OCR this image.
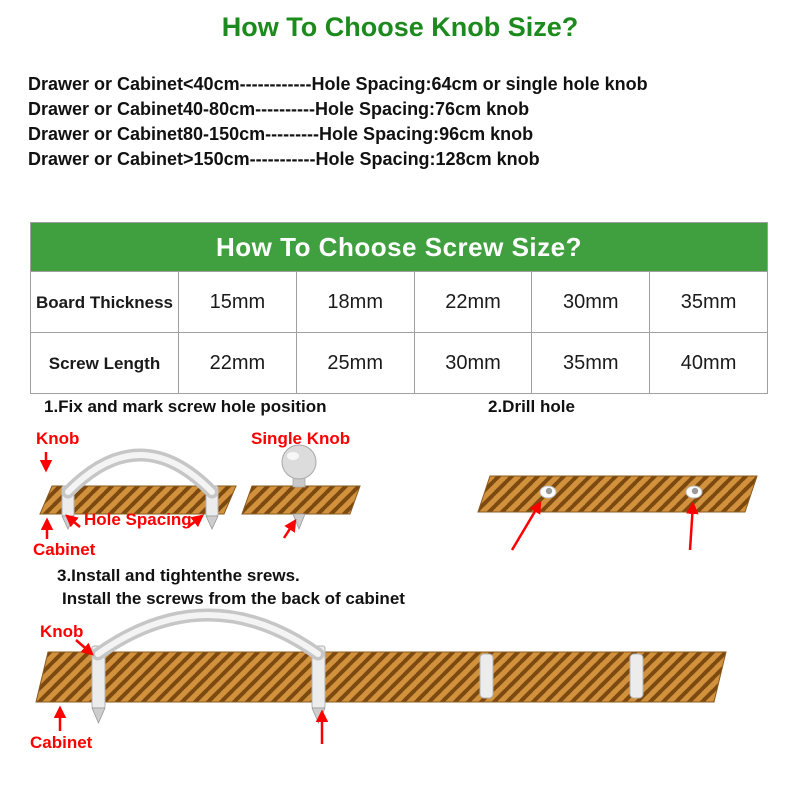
How To Choose Knob Size?
Drawer or Cabinet<40cm------------Hole Spacing:64cm or single hole knob
Drawer or Cabinet40-80cm----------Hole Spacing:76cm knob
Drawer or Cabinet80-150cm---------Hole Spacing:96cm knob
Drawer or Cabinet>150cm-----------Hole Spacing:128cm knob
How To Choose Screw Size?					
Board Thickness	15mm	18mm	22mm	30mm	35mm
Screw Length	22mm	25mm	30mm	35mm	40mm
1.Fix and mark screw hole position	2.Drill hole
3.Install and tightenthe srews.
Install the screws from the back of cabinet
Knob	Single Knob
Hole Spacing
Cabinet
Knob
Cabinet
